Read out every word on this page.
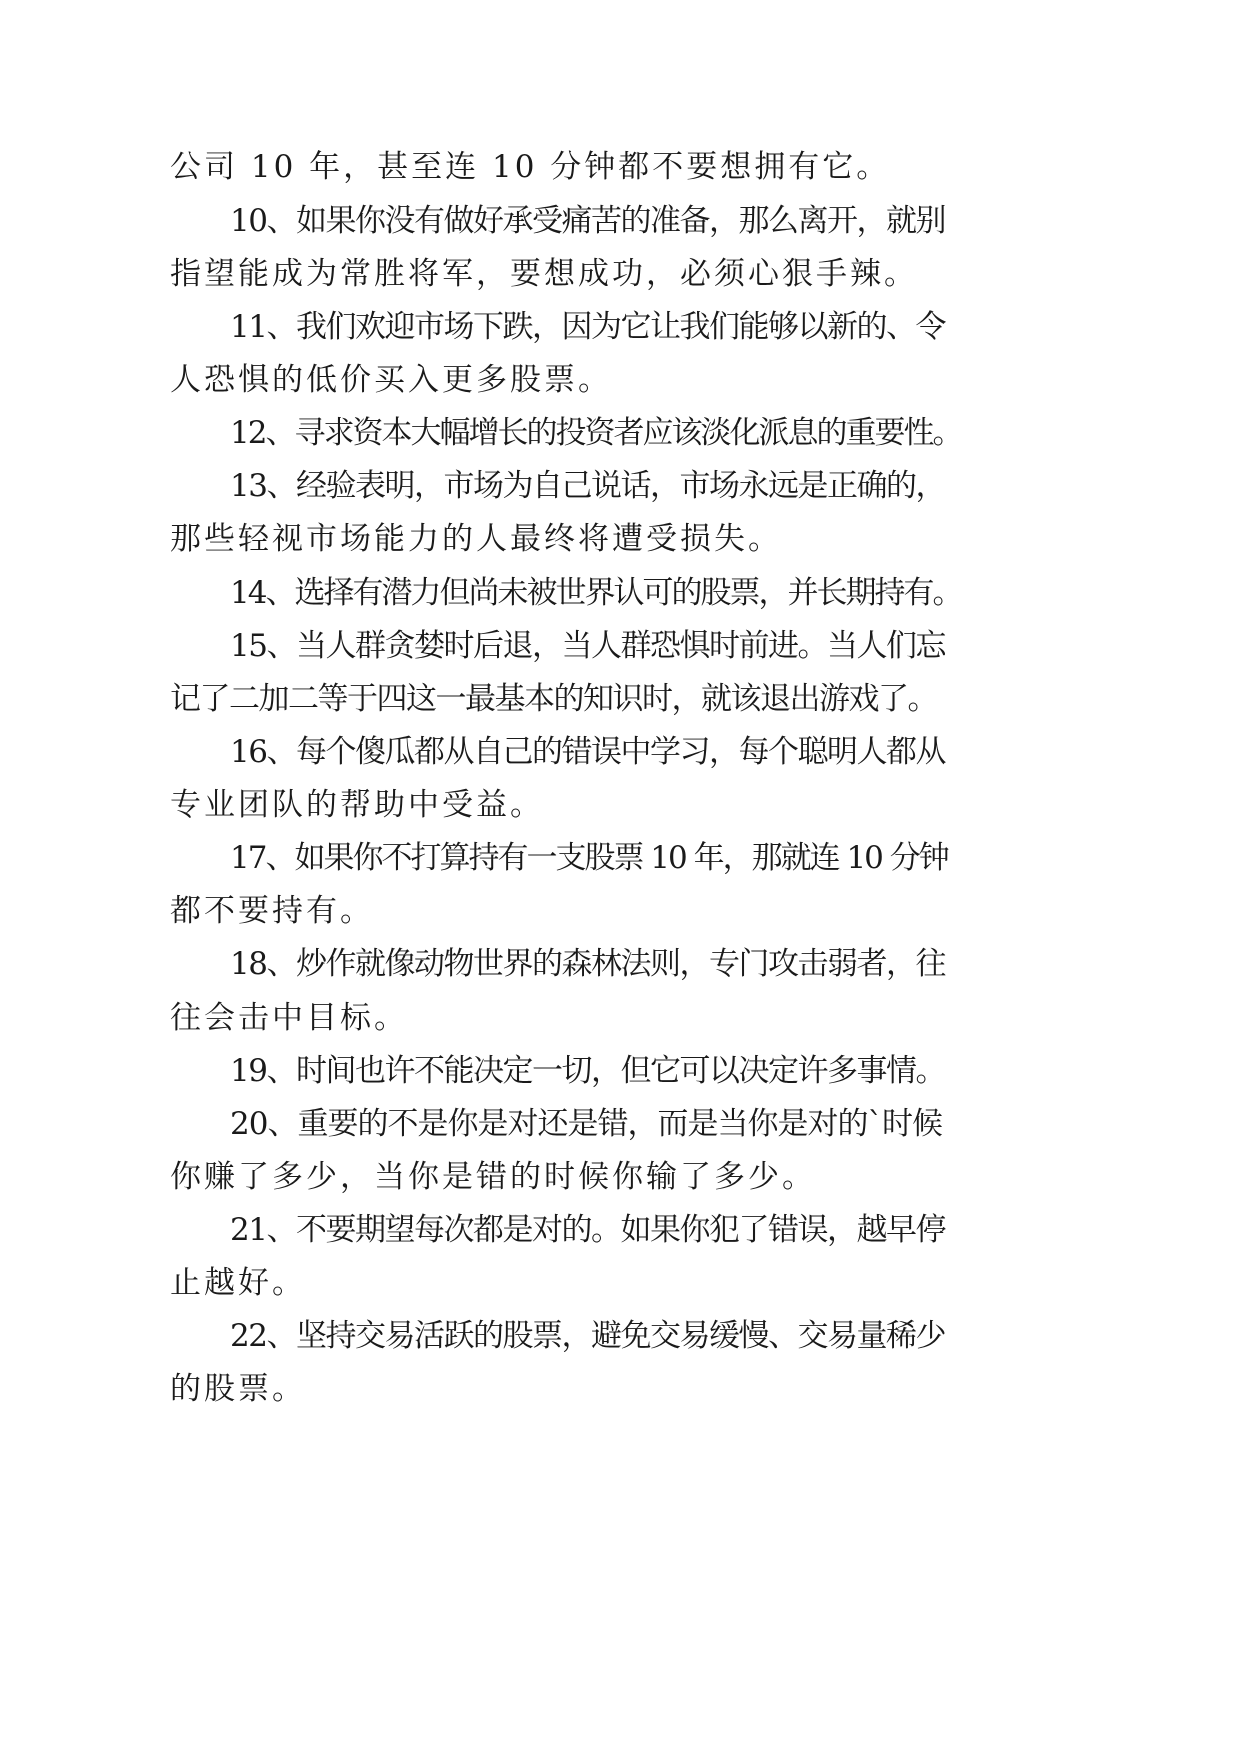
公司 10 年，甚至连 10 分钟都不要想拥有它。
10、如果你没有做好承受痛苦的准备，那么离开，就别
指望能成为常胜将军，要想成功，必须心狠手辣。
11、我们欢迎市场下跌，因为它让我们能够以新的、令
人恐惧的低价买入更多股票。
12、寻求资本大幅增长的投资者应该淡化派息的重要性。
13、经验表明，市场为自己说话，市场永远是正确的，
那些轻视市场能力的人最终将遭受损失。
14、选择有潜力但尚未被世界认可的股票，并长期持有。
15、当人群贪婪时后退，当人群恐惧时前进。当人们忘
记了二加二等于四这一最基本的知识时，就该退出游戏了。
16、每个傻瓜都从自己的错误中学习，每个聪明人都从
专业团队的帮助中受益。
17、如果你不打算持有一支股票 10 年，那就连 10 分钟
都不要持有。
18、炒作就像动物世界的森林法则，专门攻击弱者，往
往会击中目标。
19、时间也许不能决定一切，但它可以决定许多事情。
20、重要的不是你是对还是错，而是当你是对的`时候
你赚了多少，当你是错的时候你输了多少。
21、不要期望每次都是对的。如果你犯了错误，越早停
止越好。
22、坚持交易活跃的股票，避免交易缓慢、交易量稀少
的股票。
